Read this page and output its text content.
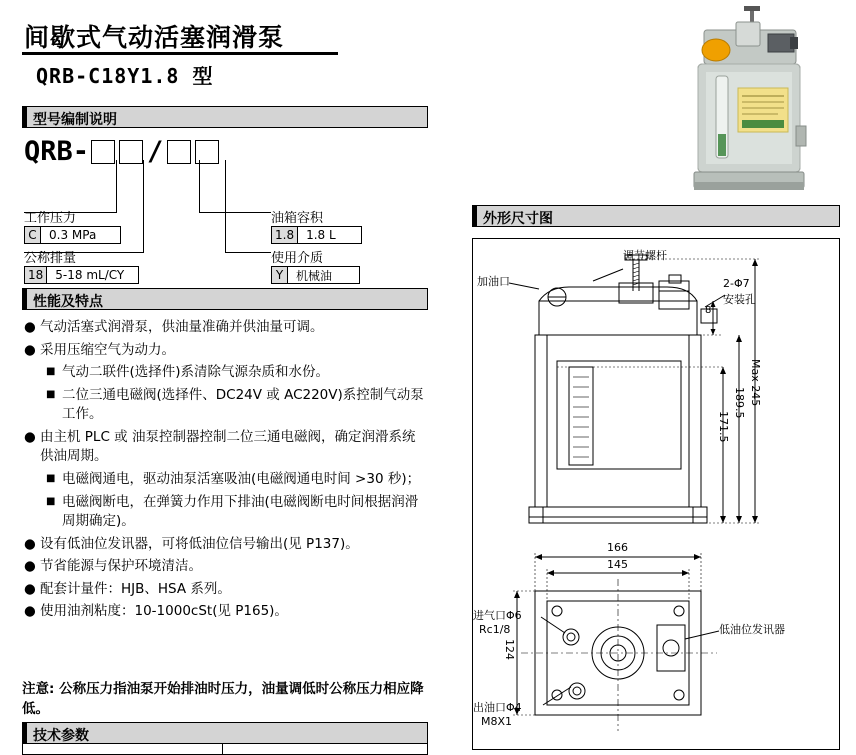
间歇式气动活塞润滑泵
QRB-C18Y1.8 型
型号编制说明
QRB- /
工作压力
C	0.3 MPa
公称排量
18	5-18 mL/CY
油箱容积
1.8	1.8 L
使用介质
Y	机械油
性能及特点
● 气动活塞式润滑泵，供油量准确并供油量可调。
● 采用压缩空气为动力。
■ 气动二联件(选择件)系清除气源杂质和水份。
■ 二位三通电磁阀(选择件、DC24V 或 AC220V)系控制气动泵工作。
● 由主机 PLC 或 油泵控制器控制二位三通电磁阀，确定润滑系统供油周期。
■ 电磁阀通电，驱动油泵活塞吸油(电磁阀通电时间 >30 秒)；
■ 电磁阀断电，在弹簧力作用下排油(电磁阀断电时间根据润滑周期确定)。
● 设有低油位发讯器，可将低油位信号输出(见 P137)。
● 节省能源与保护环境清洁。
● 配套计量件：HJB、HSA 系列。
● 使用油剂粘度：10-1000cSt(见 P165)。
注意: 公称压力指油泵开始排油时压力，油量调低时公称压力相应降低。
技术参数
外形尺寸图
调节螺杆
加油口	2-Φ7
安装孔
8
Max 245
189.5
171.5
166
145
124
进气口Φ6
Rc1/8
出油口Φ4
M8X1
低油位发讯器
